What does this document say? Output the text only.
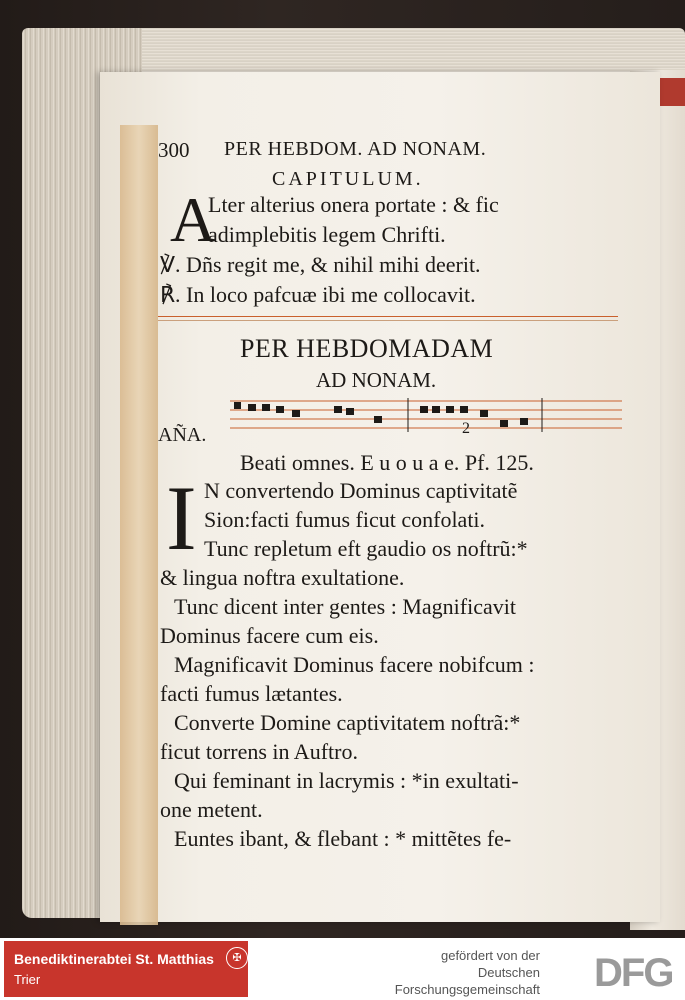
300 PER HEBDOM. AD NONAM.
CAPITULUM.
A
Lter alterius onera portate : & fic
adimplebitis legem Chrifti.
℣. Dñs regit me, & nihil mihi deerit.
℟. In loco pafcuæ ibi me collocavit.
PER HEBDOMADAM
AD NONAM.
2
AÑA.
Beati omnes. E u o u a e. Pf. 125.
I N convertendo Dominus captivitatẽ
Sion:facti fumus ficut confolati.
Tunc repletum eft gaudio os noftrũ:*
& lingua noftra exultatione.
Tunc dicent inter gentes : Magnificavit
Dominus facere cum eis.
Magnificavit Dominus facere nobifcum :
facti fumus lætantes.
Converte Domine captivitatem noftrã:*
ficut torrens in Auftro.
Qui feminant in lacrymis : *in exultati-
one metent.
Euntes ibant, & flebant : * mittẽtes fe-
Benediktinerabtei St. Matthias
Trier
✠	gefördert von der
Deutschen Forschungsgemeinschaft	DFG
